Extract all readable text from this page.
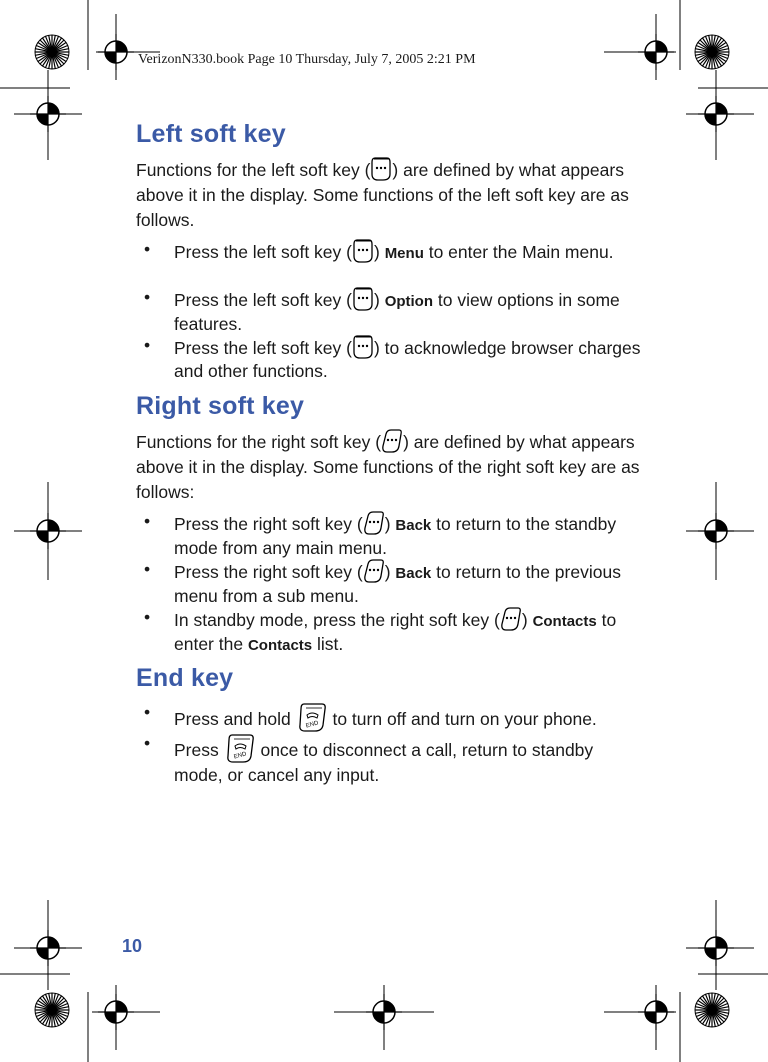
VerizonN330.book Page 10 Thursday, July 7, 2005 2:21 PM
Left soft key

Functions for the left soft key ( ) are defined by what appears above it in the display. Some functions of the left soft key are as follows.

•	Press the left soft key ( ) Menu to enter the Main menu.
•	Press the left soft key ( ) Option to view options in some features.
•	Press the left soft key ( ) to acknowledge browser charges and other functions.
Right soft key

Functions for the right soft key ( ) are defined by what appears above it in the display. Some functions of the right soft key are as follows:

•	Press the right soft key ( ) Back to return to the standby mode from any main menu.
•	Press the right soft key ( ) Back to return to the previous menu from a sub menu.
•	In standby mode, press the right soft key ( ) Contacts to enter the Contacts list.
End key
•	Press and hold  to turn off and turn on your phone.
•	Press  once to disconnect a call, return to standby mode, or cancel any input.
10
